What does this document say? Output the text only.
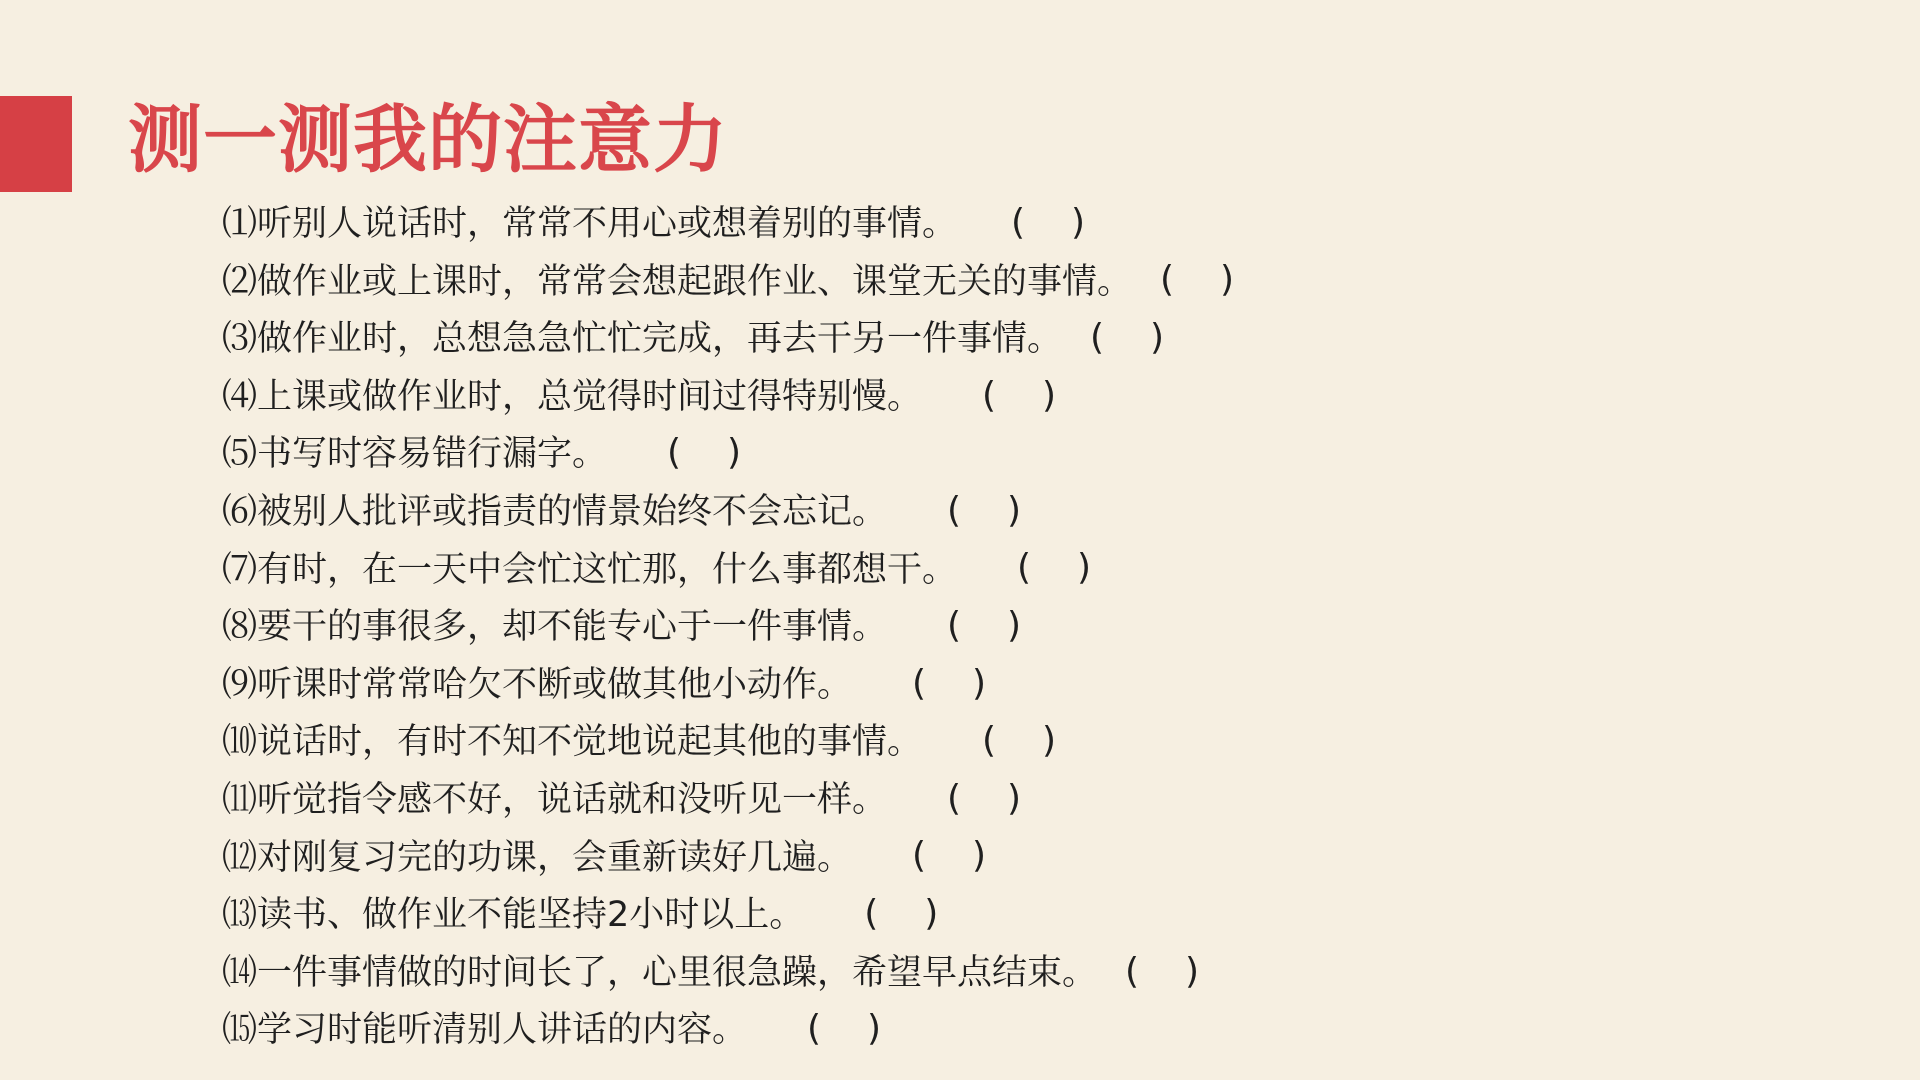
测一测我的注意力
⑴听别人说话时，常常不用心或想着别的事情。
( )
⑵做作业或上课时，常常会想起跟作业、课堂无关的事情。
( )
⑶做作业时，总想急急忙忙完成，再去干另一件事情。
( )
⑷上课或做作业时，总觉得时间过得特别慢。
( )
⑸书写时容易错行漏字。
( )
⑹被别人批评或指责的情景始终不会忘记。
( )
⑺有时，在一天中会忙这忙那，什么事都想干。
( )
⑻要干的事很多，却不能专心于一件事情。
( )
⑼听课时常常哈欠不断或做其他小动作。
( )
⑽说话时，有时不知不觉地说起其他的事情。
( )
⑾听觉指令感不好，说话就和没听见一样。
( )
⑿对刚复习完的功课，会重新读好几遍。
( )
⒀读书、做作业不能坚持2小时以上。
( )
⒁一件事情做的时间长了，心里很急躁，希望早点结束。
( )
⒂学习时能听清别人讲话的内容。
( )
